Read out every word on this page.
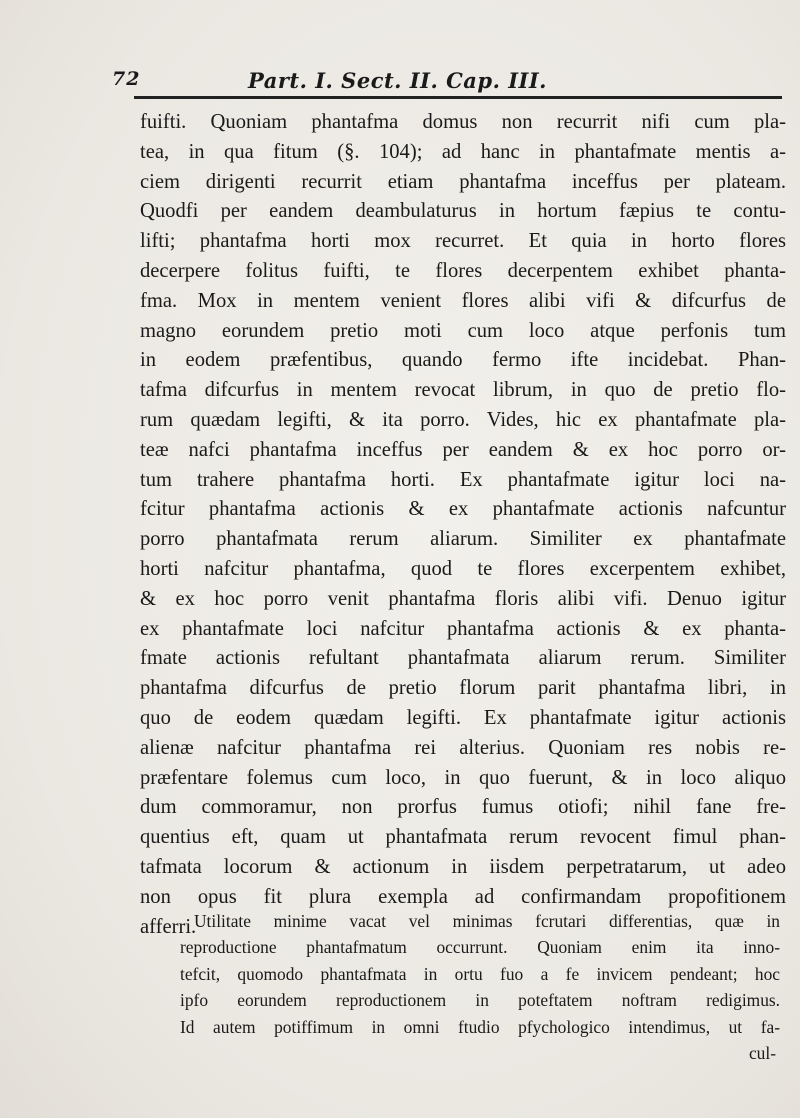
72	Part. I. Sect. II. Cap. III.

fuifti. Quoniam phantafma domus non recurrit nifi cum pla-
tea, in qua fitum (§. 104); ad hanc in phantafmate mentis a-
ciem dirigenti recurrit etiam phantafma inceffus per plateam.
Quodfi per eandem deambulaturus in hortum fæpius te contu-
lifti; phantafma horti mox recurret. Et quia in horto flores
decerpere folitus fuifti, te flores decerpentem exhibet phanta-
fma. Mox in mentem venient flores alibi vifi & difcurfus de
magno eorundem pretio moti cum loco atque perfonis tum
in eodem præfentibus, quando fermo ifte incidebat. Phan-
tafma difcurfus in mentem revocat librum, in quo de pretio flo-
rum quædam legifti, & ita porro. Vides, hic ex phantafmate pla-
teæ nafci phantafma inceffus per eandem & ex hoc porro or-
tum trahere phantafma horti. Ex phantafmate igitur loci na-
fcitur phantafma actionis & ex phantafmate actionis nafcuntur
porro phantafmata rerum aliarum. Similiter ex phantafmate
horti nafcitur phantafma, quod te flores excerpentem exhibet,
& ex hoc porro venit phantafma floris alibi vifi. Denuo igitur
ex phantafmate loci nafcitur phantafma actionis & ex phanta-
fmate actionis refultant phantafmata aliarum rerum. Similiter
phantafma difcurfus de pretio florum parit phantafma libri, in
quo de eodem quædam legifti. Ex phantafmate igitur actionis
alienæ nafcitur phantafma rei alterius. Quoniam res nobis re-
præfentare folemus cum loco, in quo fuerunt, & in loco aliquo
dum commoramur, non prorfus fumus otiofi; nihil fane fre-
quentius eft, quam ut phantafmata rerum revocent fimul phan-
tafmata locorum & actionum in iisdem perpetratarum, ut adeo
non opus fit plura exempla ad confirmandam propofitionem
afferri.

Utilitate minime vacat vel minimas fcrutari differentias, quæ in
reproductione phantafmatum occurrunt. Quoniam enim ita inno-
tefcit, quomodo phantafmata in ortu fuo a fe invicem pendeant; hoc
ipfo eorundem reproductionem in poteftatem noftram redigimus.
Id autem potiffimum in omni ftudio pfychologico intendimus, ut fa-
cul-
